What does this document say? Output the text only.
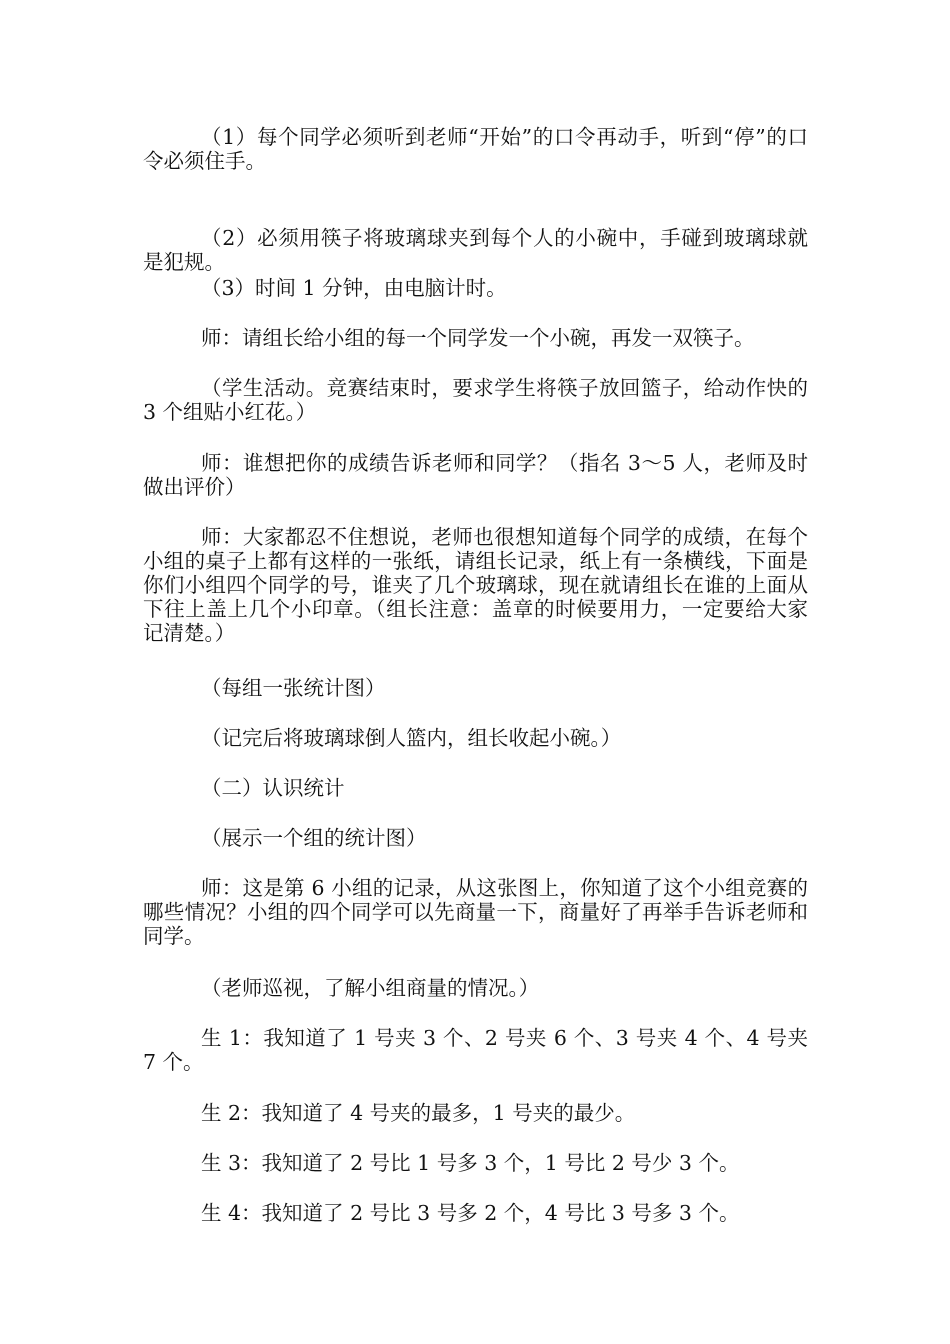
（1）每个同学必须听到老师“开始”的口令再动手，听到“停”的口令必须住手。

（2）必须用筷子将玻璃球夹到每个人的小碗中，手碰到玻璃球就是犯规。

（3）时间 1 分钟，由电脑计时。

师：请组长给小组的每一个同学发一个小碗，再发一双筷子。

（学生活动。竞赛结束时，要求学生将筷子放回篮子，给动作快的 3 个组贴小红花。）

师：谁想把你的成绩告诉老师和同学？（指名 3～5 人，老师及时做出评价）

师：大家都忍不住想说，老师也很想知道每个同学的成绩，在每个小组的桌子上都有这样的一张纸，请组长记录，纸上有一条横线，下面是你们小组四个同学的号，谁夹了几个玻璃球，现在就请组长在谁的上面从下往上盖上几个小印章。（组长注意：盖章的时候要用力，一定要给大家记清楚。）

（每组一张统计图）

（记完后将玻璃球倒人篮内，组长收起小碗。）

（二）认识统计

（展示一个组的统计图）

师：这是第 6 小组的记录，从这张图上，你知道了这个小组竞赛的哪些情况？小组的四个同学可以先商量一下，商量好了再举手告诉老师和同学。

（老师巡视，了解小组商量的情况。）

生 1：我知道了 1 号夹 3 个、2 号夹 6 个、3 号夹 4 个、4 号夹 7 个。

生 2：我知道了 4 号夹的最多，1 号夹的最少。

生 3：我知道了 2 号比 1 号多 3 个，1 号比 2 号少 3 个。

生 4：我知道了 2 号比 3 号多 2 个，4 号比 3 号多 3 个。
